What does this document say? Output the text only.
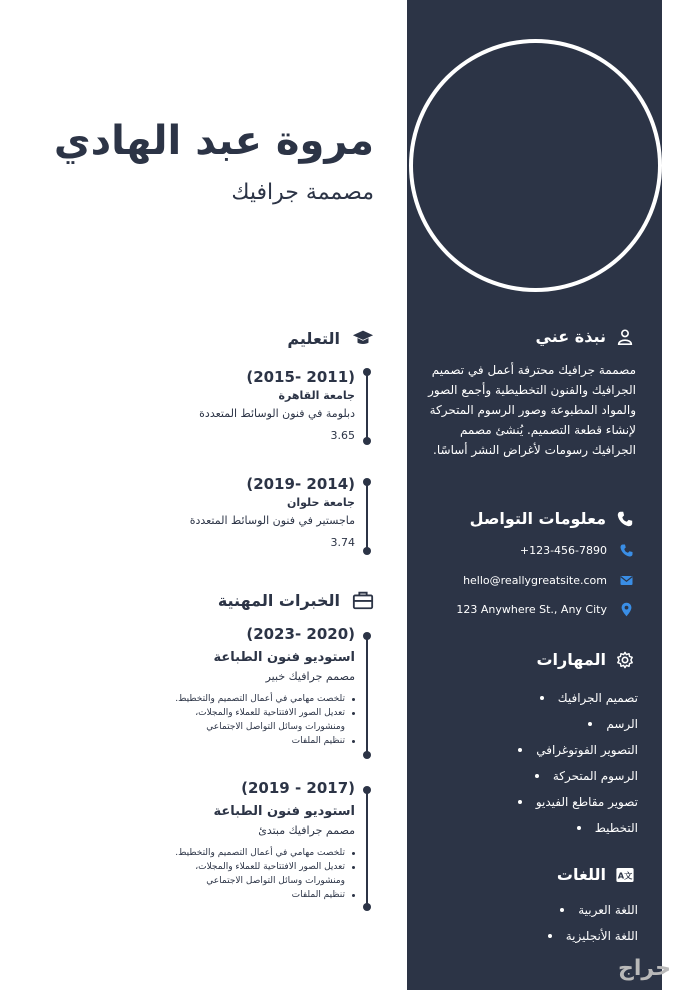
مروة عبد الهادي
مصممة جرافيك
نبذة عني

مصممة جرافيك محترفة أعمل في تصميم الجرافيك والفنون التخطيطية وأجمع الصور والمواد المطبوعة وصور الرسوم المتحركة لإنشاء قطعة التصميم. يُنشئ مصمم الجرافيك رسومات لأغراض النشر أساسًا.

معلومات التواصل
+123-456-7890
hello@reallygreatsite.com
123 Anywhere St., Any City
المهارات
تصميم الجرافيك
الرسم
التصوير الفوتوغرافي
الرسوم المتحركة
تصوير مقاطع الفيديو
التخطيط
A文
اللغات
اللغة العربية
اللغة الأنجليزية
التعليم
(2011 -2015)
جامعة القاهرة
دبلومة في فنون الوسائط المتعددة
3.65
(2014 -2019)
جامعة حلوان
ماجستير في فنون الوسائط المتعددة
3.74
الخبرات المهنية
(2020 -2023)
استوديو فنون الطباعة
مصمم جرافيك خبير
تلخصت مهامي في أعمال التصميم والتخطيط.
تعديل الصور الافتتاحية للعملاء والمجلات، ومنشورات وسائل التواصل الاجتماعي
تنظيم الملفات
(2017 - 2019)
استوديو فنون الطباعة
مصمم جرافيك مبتدئ
تلخصت مهامي في أعمال التصميم والتخطيط.
تعديل الصور الافتتاحية للعملاء والمجلات، ومنشورات وسائل التواصل الاجتماعي
تنظيم الملفات
حراج
